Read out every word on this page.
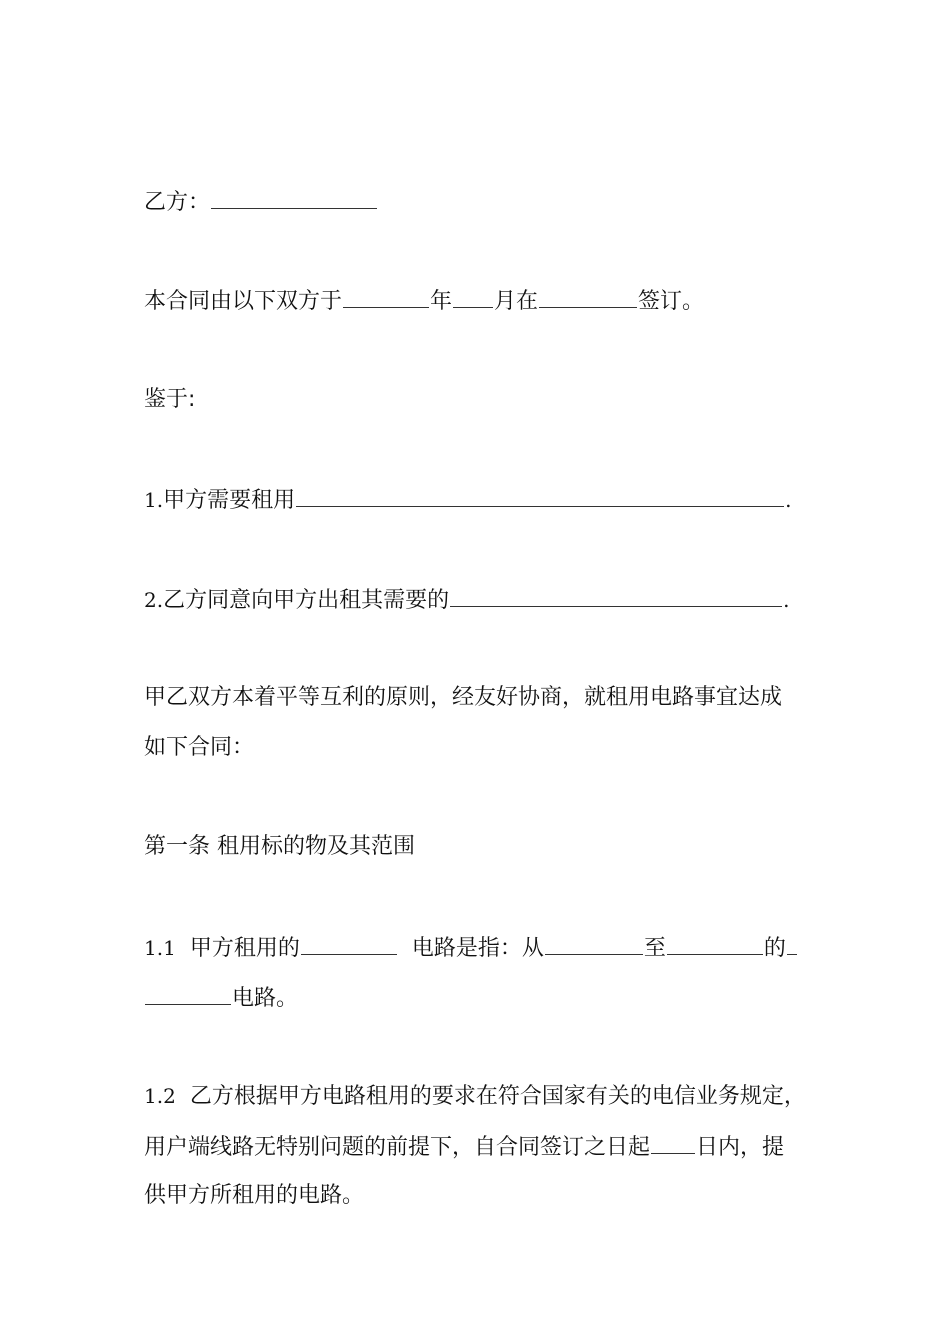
乙方：
本合同由以下双方于	年 月在	签订。
鉴于:
1.甲方需要租用	.
2.乙方同意向甲方出租其需要的	.
甲乙双方本着平等互利的原则，经友好协商，就租用电路事宜达成
如下合同：
第一条 租用标的物及其范围
1.1 甲方租用的	电路是指：从	至	的
电路。
1.2 乙方根据甲方电路租用的要求在符合国家有关的电信业务规定，
用户端线路无特别问题的前提下，自合同签订之日起 日内，提
供甲方所租用的电路。
